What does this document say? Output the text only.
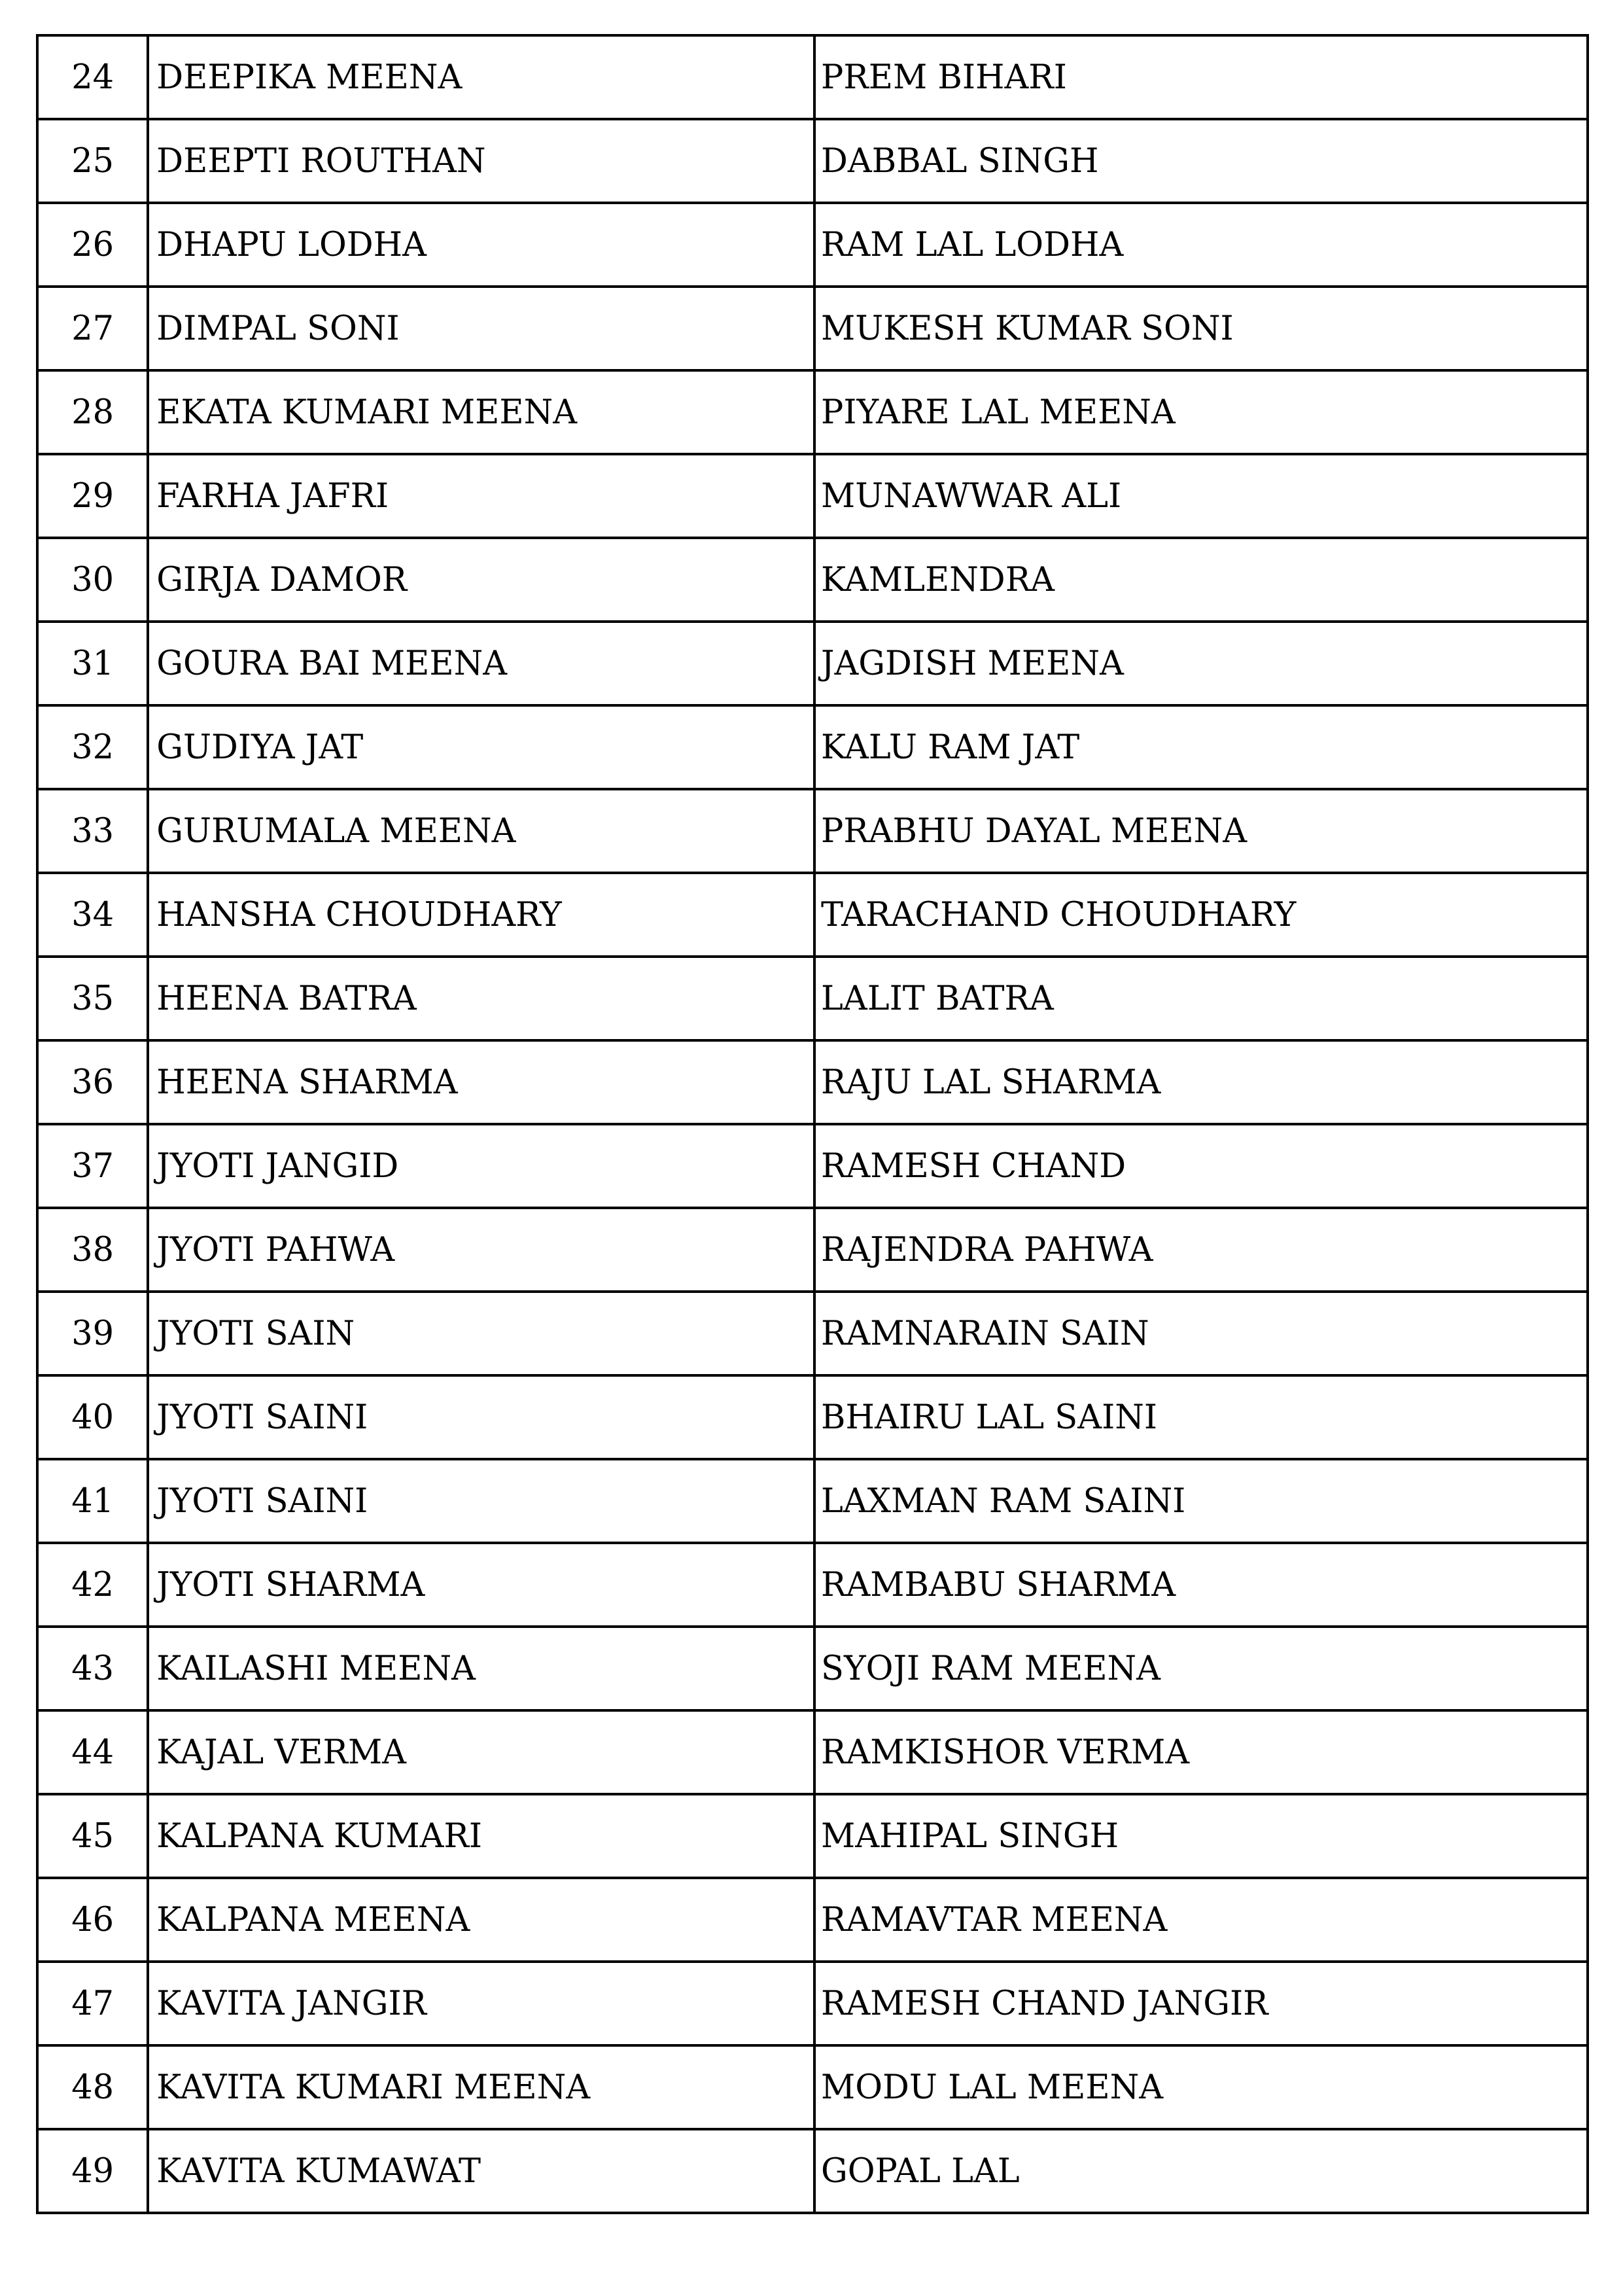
24	DEEPIKA MEENA	PREM BIHARI
25	DEEPTI ROUTHAN	DABBAL SINGH
26	DHAPU LODHA	RAM LAL LODHA
27	DIMPAL SONI	MUKESH KUMAR SONI
28	EKATA KUMARI MEENA	PIYARE LAL MEENA
29	FARHA JAFRI	MUNAWWAR ALI
30	GIRJA DAMOR	KAMLENDRA
31	GOURA BAI MEENA	JAGDISH MEENA
32	GUDIYA JAT	KALU RAM JAT
33	GURUMALA MEENA	PRABHU DAYAL MEENA
34	HANSHA CHOUDHARY	TARACHAND CHOUDHARY
35	HEENA BATRA	LALIT BATRA
36	HEENA SHARMA	RAJU LAL SHARMA
37	JYOTI JANGID	RAMESH CHAND
38	JYOTI PAHWA	RAJENDRA PAHWA
39	JYOTI SAIN	RAMNARAIN SAIN
40	JYOTI SAINI	BHAIRU LAL SAINI
41	JYOTI SAINI	LAXMAN RAM SAINI
42	JYOTI SHARMA	RAMBABU SHARMA
43	KAILASHI MEENA	SYOJI RAM MEENA
44	KAJAL VERMA	RAMKISHOR VERMA
45	KALPANA KUMARI	MAHIPAL SINGH
46	KALPANA MEENA	RAMAVTAR MEENA
47	KAVITA JANGIR	RAMESH CHAND JANGIR
48	KAVITA KUMARI MEENA	MODU LAL MEENA
49	KAVITA KUMAWAT	GOPAL LAL
